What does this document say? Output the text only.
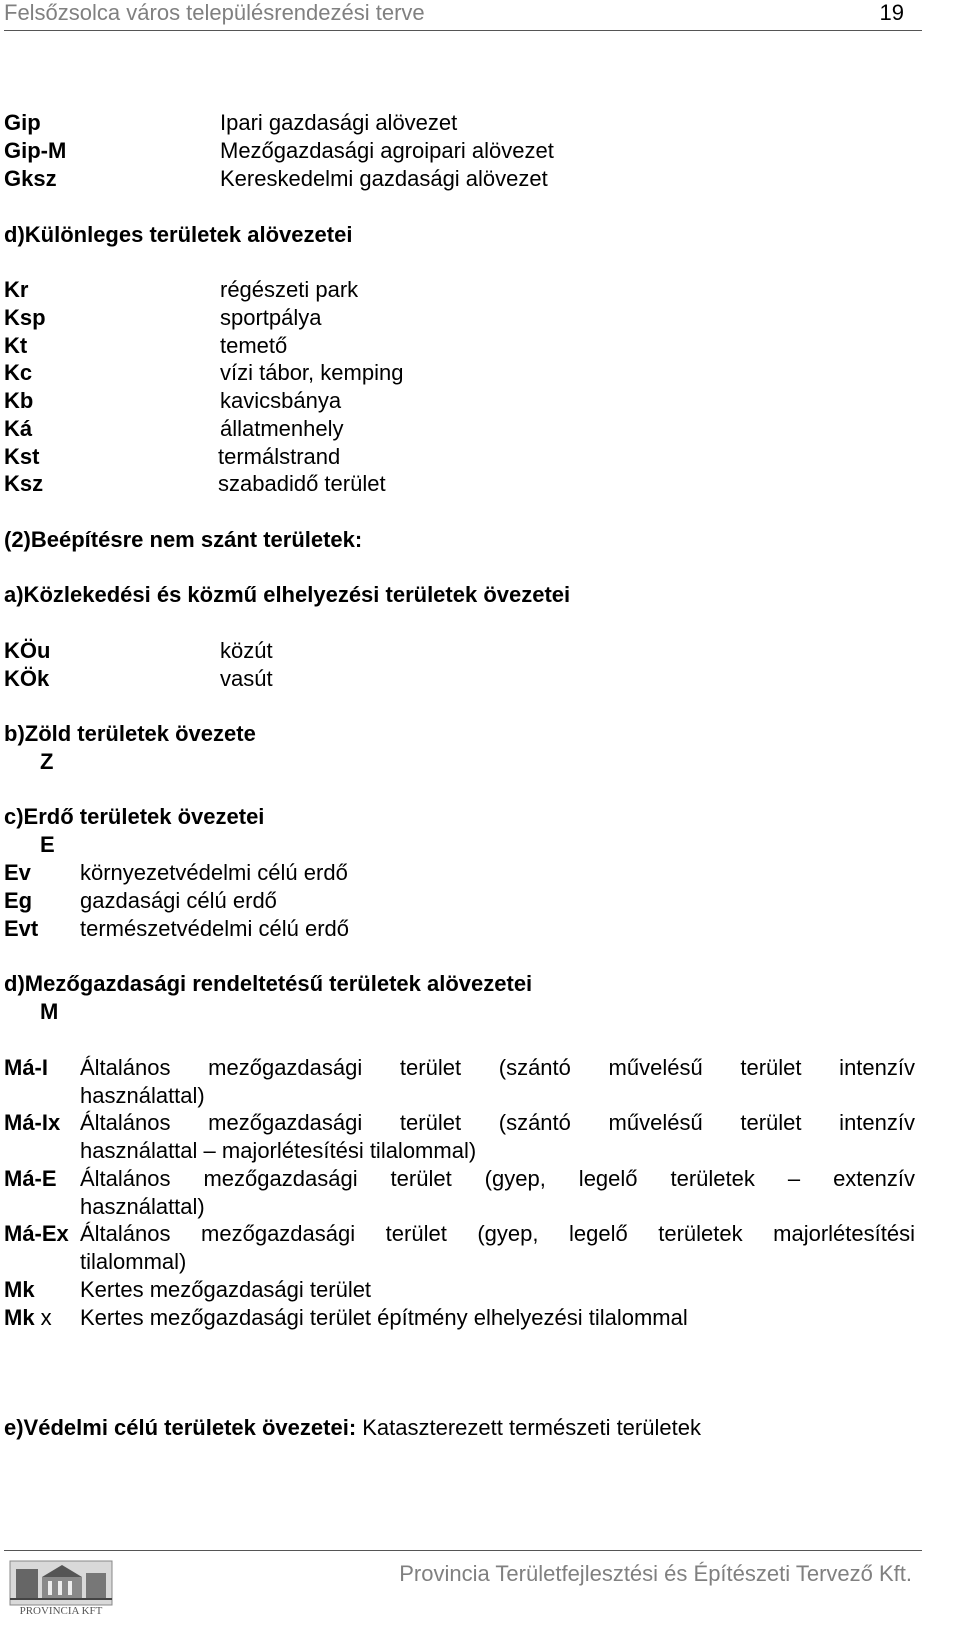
Felsőzsolca város településrendezési terve	19
Gip	Ipari gazdasági alövezet
Gip-M	Mezőgazdasági agroipari alövezet
Gksz	Kereskedelmi gazdasági alövezet
d)Különleges területek alövezetei
Kr	régészeti park
Ksp	sportpálya
Kt	temető
Kc	vízi tábor, kemping
Kb	kavicsbánya
Ká	állatmenhely
Kst	termálstrand
Ksz	szabadidő terület
(2)Beépítésre nem szánt területek:
a)Közlekedési és közmű elhelyezési területek övezetei
KÖu	közút
KÖk	vasút
b)Zöld területek övezete
Z
c)Erdő területek övezetei
E
Ev környezetvédelmi célú erdő
Eg gazdasági célú erdő
Evt természetvédelmi célú erdő
d)Mezőgazdasági rendeltetésű területek alövezetei
M
Má-I Általános mezőgazdasági terület (szántó művelésű terület intenzív
használattal)
Má-Ix Általános mezőgazdasági terület (szántó művelésű terület intenzív
használattal – majorlétesítési tilalommal)
Má-E Általános mezőgazdasági terület (gyep, legelő területek – extenzív
használattal)
Má-Ex Általános mezőgazdasági terület (gyep, legelő területek majorlétesítési
tilalommal)
Mk Kertes mezőgazdasági terület
Mk x Kertes mezőgazdasági terület építmény elhelyezési tilalommal
e)Védelmi célú területek övezetei: Kataszterezett természeti területek
PROVINCIA KFT
Provincia Területfejlesztési és Építészeti Tervező Kft.
